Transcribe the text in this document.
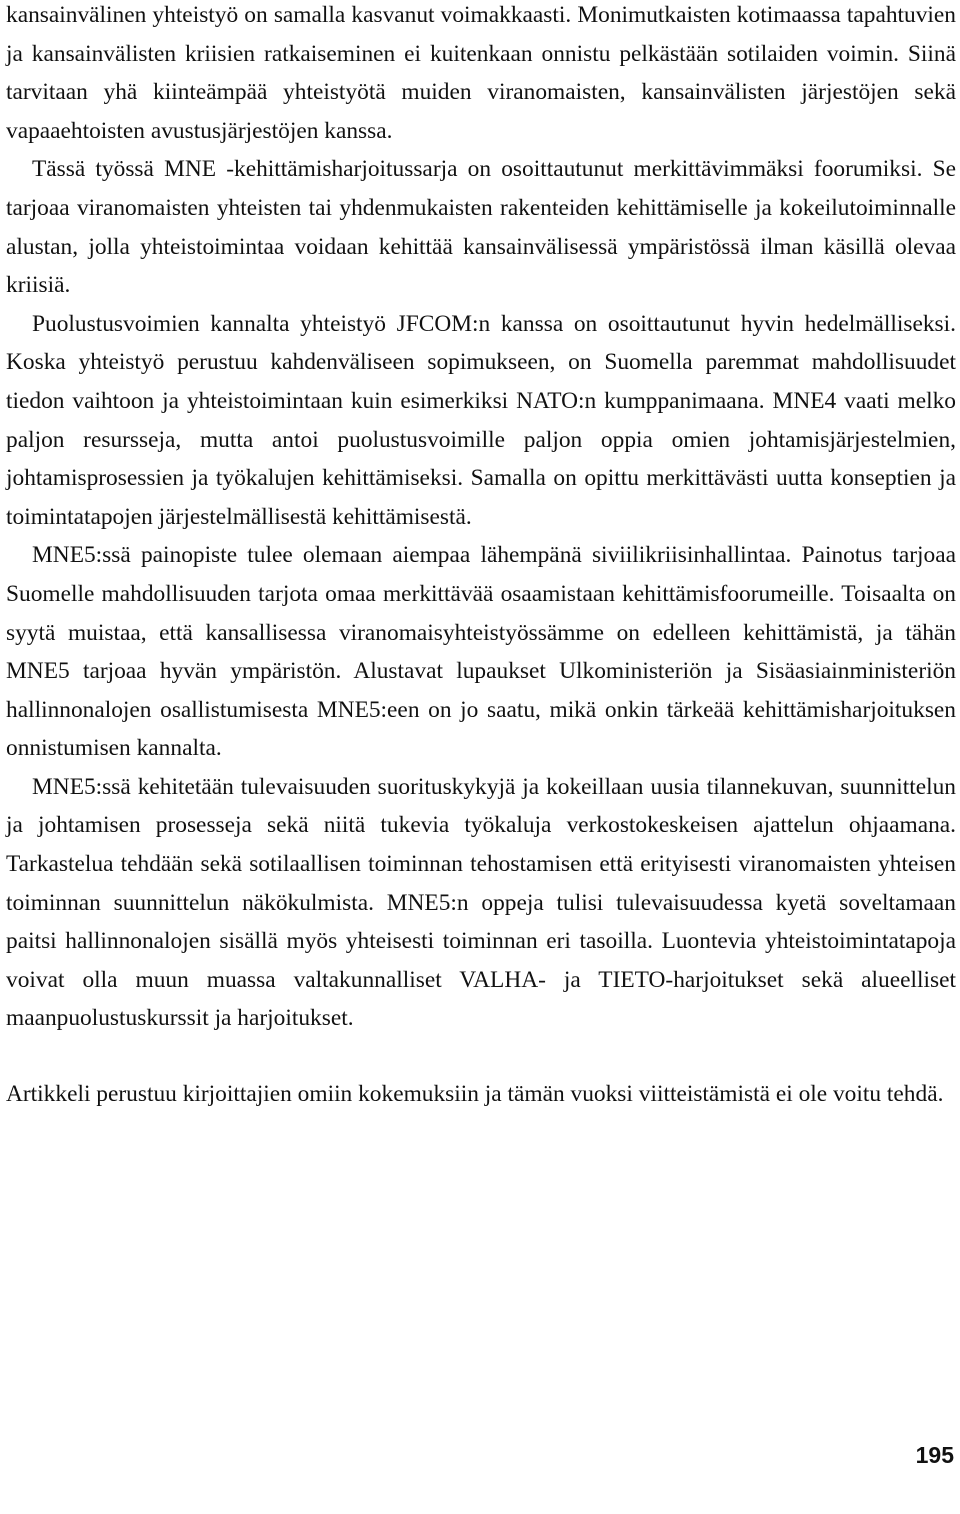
kansainvälinen yhteistyö on samalla kasvanut voimakkaasti. Monimutkaisten kotimaassa tapahtuvien ja kansainvälisten kriisien ratkaiseminen ei kuitenkaan onnistu pelkästään sotilaiden voimin. Siinä tarvitaan yhä kiinteämpää yhteistyötä muiden viranomaisten, kansainvälisten järjestöjen sekä vapaaehtoisten avustusjärjestöjen kanssa.

Tässä työssä MNE -kehittämisharjoitussarja on osoittautunut merkittävimmäksi foorumiksi. Se tarjoaa viranomaisten yhteisten tai yhdenmukaisten rakenteiden kehittämiselle ja kokeilutoiminnalle alustan, jolla yhteistoimintaa voidaan kehittää kansainvälisessä ympäristössä ilman käsillä olevaa kriisiä.

Puolustusvoimien kannalta yhteistyö JFCOM:n kanssa on osoittautunut hyvin hedelmälliseksi. Koska yhteistyö perustuu kahdenväliseen sopimukseen, on Suomella paremmat mahdollisuudet tiedon vaihtoon ja yhteistoimintaan kuin esimerkiksi NATO:n kumppanimaana. MNE4 vaati melko paljon resursseja, mutta antoi puolustusvoimille paljon oppia omien johtamisjärjestelmien, johtamisprosessien ja työkalujen kehittämiseksi. Samalla on opittu merkittävästi uutta konseptien ja toimintatapojen järjestelmällisestä kehittämisestä.

MNE5:ssä painopiste tulee olemaan aiempaa lähempänä siviilikriisinhallintaa. Painotus tarjoaa Suomelle mahdollisuuden tarjota omaa merkittävää osaamistaan kehittämisfoorumeille. Toisaalta on syytä muistaa, että kansallisessa viranomaisyhteistyössämme on edelleen kehittämistä, ja tähän MNE5 tarjoaa hyvän ympäristön. Alustavat lupaukset Ulkoministeriön ja Sisäasiainministeriön hallinnonalojen osallistumisesta MNE5:een on jo saatu, mikä onkin tärkeää kehittämisharjoituksen onnistumisen kannalta.

MNE5:ssä kehitetään tulevaisuuden suorituskykyjä ja kokeillaan uusia tilannekuvan, suunnittelun ja johtamisen prosesseja sekä niitä tukevia työkaluja verkostokeskeisen ajattelun ohjaamana. Tarkastelua tehdään sekä sotilaallisen toiminnan tehostamisen että erityisesti viranomaisten yhteisen toiminnan suunnittelun näkökulmista. MNE5:n oppeja tulisi tulevaisuudessa kyetä soveltamaan paitsi hallinnonalojen sisällä myös yhteisesti toiminnan eri tasoilla. Luontevia yhteistoimintatapoja voivat olla muun muassa valtakunnalliset VALHA- ja TIETO-harjoitukset sekä alueelliset maanpuolustuskurssit ja harjoitukset.

Artikkeli perustuu kirjoittajien omiin kokemuksiin ja tämän vuoksi viitteistämistä ei ole voitu tehdä.

195
